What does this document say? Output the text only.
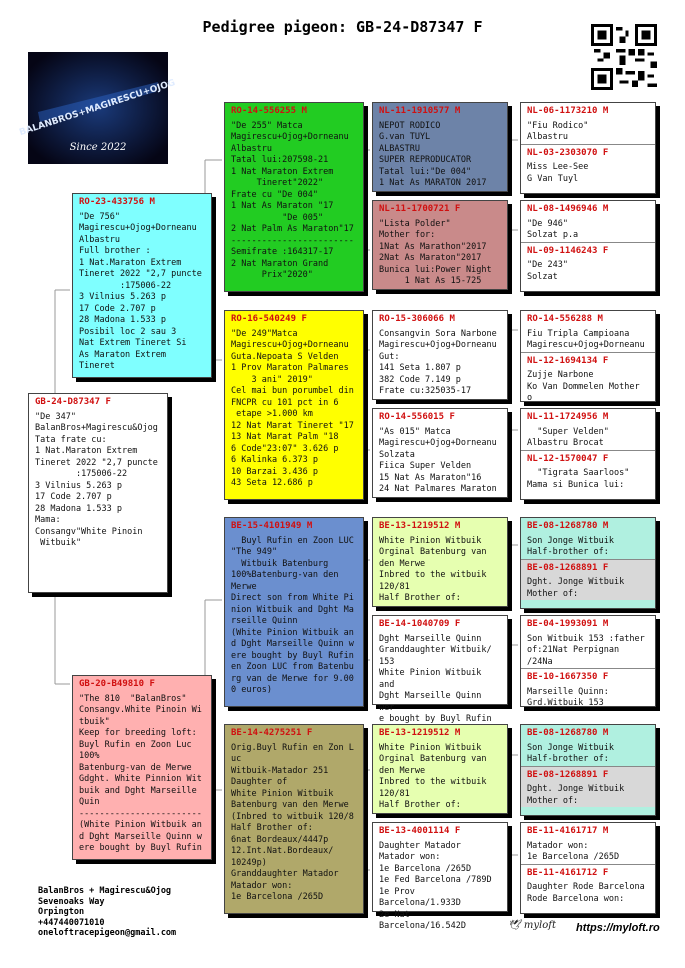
Pedigree pigeon: GB-24-D87347 F
BALANBROS+MAGIRESCU+OJOG
Since 2022
GB-24-D87347 F
"De 347"
BalanBros+Magirescu&Ojog
Tata frate cu:
1 Nat.Maraton Extrem
Tineret 2022 "2,7 puncte
:175006-22
3 Vilnius 5.263 p
17 Code 2.707 p
28 Madona 1.533 p
Mama:
Consangv"White Pinoin
Witbuik"
RO-23-433756 M
"De 756"
Magirescu+Ojog+Dorneanu
Albastru
Full brother :
1 Nat.Maraton Extrem
Tineret 2022 "2,7 puncte
:175006-22
3 Vilnius 5.263 p
17 Code 2.707 p
28 Madona 1.533 p
Posibil loc 2 sau 3
Nat Extrem Tineret Si
As Maraton Extrem
Tineret
GB-20-B49810 F
"The 810  "BalanBros"
Consangv.White Pinoin Wi
tbuik"
Keep for breeding loft:
Buyl Rufin en Zoon Luc
100%
Batenburg-van de Merwe
Gdght. White Pinnion Wit
buik and Dght Marseille
Quin
------------------------
(White Pinion Witbuik an
d Dght Marseille Quinn w
ere bought by Buyl Rufin
RO-14-556255 M
"De 255" Matca
Magirescu+Ojog+Dorneanu
Albastru
Tatal lui:207598-21
1 Nat Maraton Extrem
Tineret"2022"
Frate cu "De 004"
1 Nat As Maraton "17
"De 005"
2 Nat Palm As Maraton"17
------------------------
Semifrate :164317-17
2 Nat Maraton Grand
Prix"2020"
RO-16-540249 F
"De 249"Matca
Magirescu+Ojog+Dorneanu
Guta.Nepoata S Velden
1 Prov Maraton Palmares
3 ani" 2019"
Cel mai bun porumbel din
FNCPR cu 101 pct in 6
etape >1.000 km
12 Nat Marat Tineret "17
13 Nat Marat Palm "18
6 Code"23:07" 3.626 p
6 Kalinka 6.373 p
10 Barzai 3.436 p
43 Seta 12.686 p
BE-15-4101949 M
Buyl Rufin en Zoon LUC
"The 949"
Witbuik Batenburg
100%Batenburg-van den
Merwe
Direct son from White Pi
nion Witbuik and Dght Ma
rseille Quinn
(White Pinion Witbuik an
d Dght Marseille Quinn w
ere bought by Buyl Rufin
en Zoon LUC from Batenbu
rg van de Merwe for 9.00
0 euros)
BE-14-4275251 F
Orig.Buyl Rufin en Zon L
uc
Witbuik-Matador 251
Daughter of
White Pinion Witbuik
Batenburg van den Merwe
(Inbred to witbuik 120/8
Half Brother of:
6nat Bordeaux/4447p
12.Int.Nat.Bordeaux/
10249p)
Granddaughter Matador
Matador won:
1e Barcelona /265D
NL-11-1910577 M
NEPOT RODICO
G.van TUYL
ALBASTRU
SUPER REPRODUCATOR
Tatal lui:"De 004"
1 Nat As MARATON 2017
NL-11-1700721 F
"Lista Polder"
Mother for:
1Nat As Marathon"2017
2Nat As Maraton"2017
Bunica lui:Power Night
1 Nat As 15-725
RO-15-306066 M
Consangvin Sora Narbone
Magirescu+Ojog+Dorneanu
Gut:
141 Seta 1.807 p
382 Code 7.149 p
Frate cu:325035-17
RO-14-556015 F
"As 015" Matca
Magirescu+Ojog+Dorneanu
Solzata
Fiica Super Velden
15 Nat As Maraton"16
24 Nat Palmares Maraton
BE-13-1219512 M
White Pinion Witbuik
Orginal Batenburg van
den Merwe
Inbred to the witbuik
120/81
Half Brother of:
BE-14-1040709 F
Dght Marseille Quinn
Granddaughter Witbuik/
153
White Pinion Witbuik and
Dght Marseille Quinn wer
e bought by Buyl Rufin
BE-13-1219512 M
White Pinion Witbuik
Orginal Batenburg van
den Merwe
Inbred to the witbuik
120/81
Half Brother of:
BE-13-4001114 F
Daughter Matador
Matador won:
1e Barcelona /265D
1e Fed Barcelona /789D
1e Prov Barcelona/1.933D
2e Nat Barcelona/16.542D
NL-06-1173210 M
"Fiu Rodico"
Albastru
NL-03-2303070 F
Miss Lee-See
G Van Tuyl
NL-08-1496946 M
"De 946"
Solzat p.a
NL-09-1146243 F
"De 243"
Solzat
RO-14-556288 M
Fiu Tripla Campioana
Magirescu+Ojog+Dorneanu
NL-12-1694134 F
Zujje Narbone
Ko Van Dommelen Mother o
NL-11-1724956 M
"Super Velden"
Albastru Brocat
NL-12-1570047 F
"Tigrata Saarloos"
Mama si Bunica lui:
BE-08-1268780 M
Son Jonge Witbuik
Half-brother of:
BE-08-1268891 F
Dght. Jonge Witbuik
Mother of:
BE-04-1993091 M
Son Witbuik 153 :father
of:21Nat Perpignan /24Na
BE-10-1667350 F
Marseille Quinn:
Grd.Witbuik 153
BE-08-1268780 M
Son Jonge Witbuik
Half-brother of:
BE-08-1268891 F
Dght. Jonge Witbuik
Mother of:
BE-11-4161717 M
Matador won:
1e Barcelona /265D
BE-11-4161712 F
Daughter Rode Barcelona
Rode Barcelona won:
BalanBros + Magirescu&Ojog
Sevenoaks Way
Orpington
+447440071010
oneloftracepigeon@gmail.com
🕊 myloft https://myloft.ro
